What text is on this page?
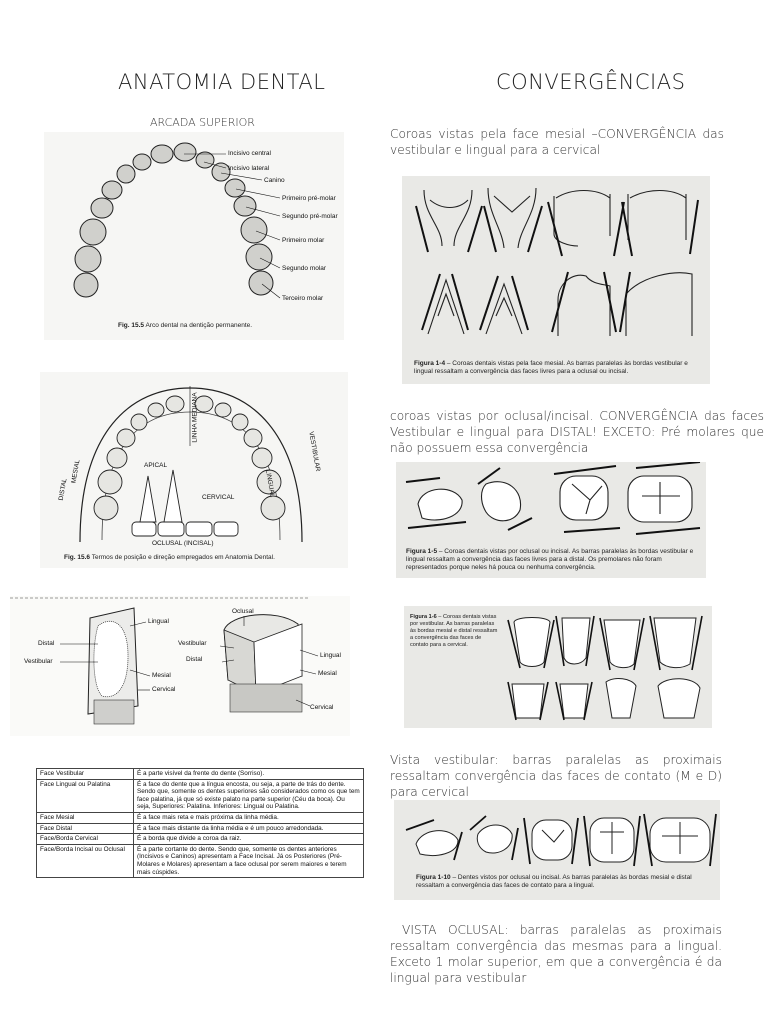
ANATOMIA DENTAL	CONVERGÊNCIAS
ARCADA SUPERIOR
Incisivo central
Incisivo lateral
Canino
Primeiro pré-molar
Segundo pré-molar
Primeiro molar
Segundo molar
Terceiro molar
Fig. 15.5 Arco dental na dentição permanente.
LINHA MEDIANA
MESIAL
DISTAL
VESTIBULAR
LINGUAL
APICAL
CERVICAL
OCLUSAL (INCISAL)
Fig. 15.6 Termos de posição e direção empregados em Anatomia Dental.
Lingual
Distal
Vestibular
Mesial
Cervical
Oclusal
Vestibular
Distal
Lingual
Mesial
Cervical
Face Vestibular	É a parte visível da frente do dente (Sorriso).
Face Lingual ou Palatina	É a face do dente que a língua encosta, ou seja, a parte de trás do dente. Sendo que, somente os dentes superiores são considerados como os que tem face palatina, já que só existe palato na parte superior (Céu da boca). Ou seja, Superiores: Palatina. Inferiores: Lingual ou Palatina.
Face Mesial	É a face mais reta e mais próxima da linha média.
Face Distal	É a face mais distante da linha média e é um pouco arredondada.
Face/Borda Cervical	É a borda que divide a coroa da raiz.
Face/Borda Incisal ou Oclusal	É a parte cortante do dente. Sendo que, somente os dentes anteriores (Incisivos e Caninos) apresentam a Face Incisal. Já os Posteriores (Pré-Molares e Molares) apresentam a face oclusal por serem maiores e terem mais cúspides.
Coroas vistas pela face mesial –CONVERGÊNCIA das vestibular e lingual para a cervical
Figura 1-4 – Coroas dentais vistas pela face mesial. As barras paralelas às bordas vestibular e lingual ressaltam a convergência das faces livres para a oclusal ou incisal.
coroas vistas por oclusal/incisal. CONVERGÊNCIA das faces Vestibular e lingual para DISTAL! EXCETO: Pré molares que não possuem essa convergência
Figura 1-5 – Coroas dentais vistas por oclusal ou incisal. As barras paralelas às bordas vestibular e lingual ressaltam a convergência das faces livres para a distal. Os premolares não foram representados porque neles há pouca ou nenhuma convergência.
Figura 1-6 – Coroas dentais vistas por vestibular. As barras paralelas às bordas mesial e distal ressaltam a convergência das faces de contato para a cervical.
Vista vestibular: barras paralelas as proximais ressaltam convergência das faces de contato (M e D) para cervical
Figura 1-10 – Dentes vistos por oclusal ou incisal. As barras paralelas às bordas mesial e distal ressaltam a convergência das faces de contato para a lingual.
VISTA OCLUSAL: barras paralelas as proximais ressaltam convergência das mesmas para a lingual. Exceto 1 molar superior, em que a convergência é da lingual para vestibular
